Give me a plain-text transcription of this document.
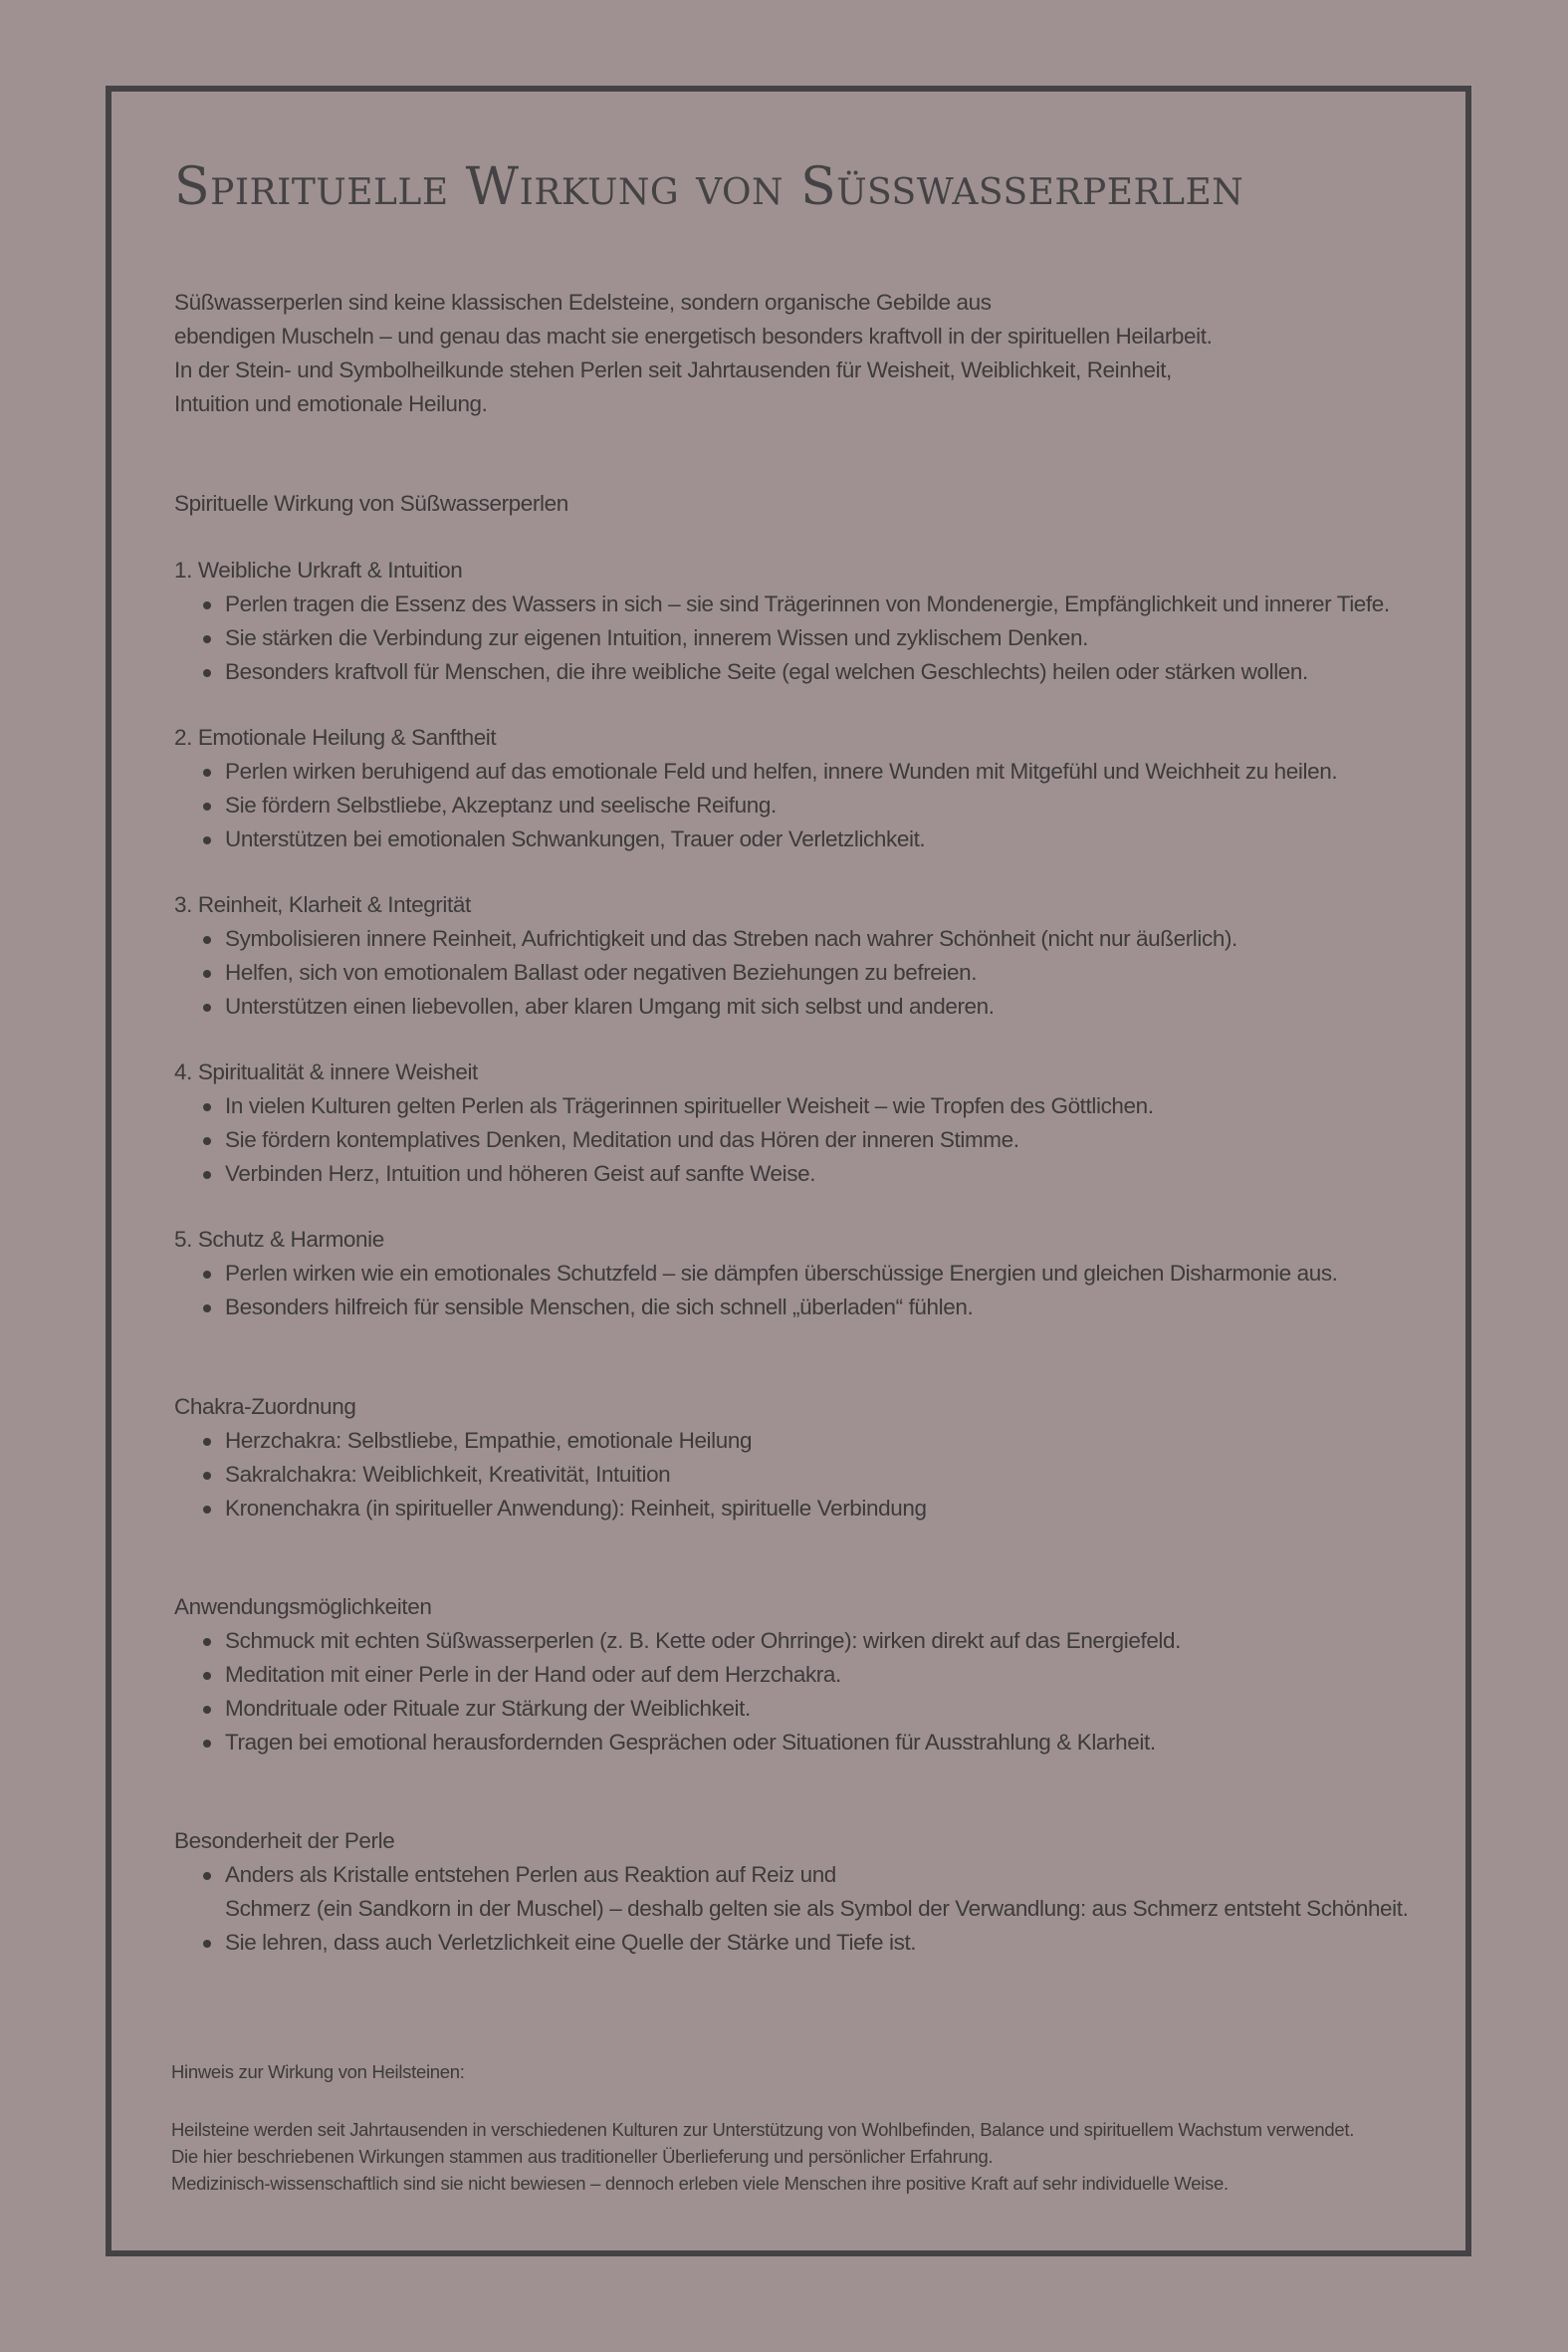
Spirituelle Wirkung von Süsswasserperlen
Süßwasserperlen sind keine klassischen Edelsteine, sondern organische Gebilde aus
ebendigen Muscheln – und genau das macht sie energetisch besonders kraftvoll in der spirituellen Heilarbeit.
In der Stein- und Symbolheilkunde stehen Perlen seit Jahrtausenden für Weisheit, Weiblichkeit, Reinheit,
Intuition und emotionale Heilung.
Spirituelle Wirkung von Süßwasserperlen
1. Weibliche Urkraft & Intuition
Perlen tragen die Essenz des Wassers in sich – sie sind Trägerinnen von Mondenergie, Empfänglichkeit und innerer Tiefe.
Sie stärken die Verbindung zur eigenen Intuition, innerem Wissen und zyklischem Denken.
Besonders kraftvoll für Menschen, die ihre weibliche Seite (egal welchen Geschlechts) heilen oder stärken wollen.
2. Emotionale Heilung & Sanftheit
Perlen wirken beruhigend auf das emotionale Feld und helfen, innere Wunden mit Mitgefühl und Weichheit zu heilen.
Sie fördern Selbstliebe, Akzeptanz und seelische Reifung.
Unterstützen bei emotionalen Schwankungen, Trauer oder Verletzlichkeit.
3. Reinheit, Klarheit & Integrität
Symbolisieren innere Reinheit, Aufrichtigkeit und das Streben nach wahrer Schönheit (nicht nur äußerlich).
Helfen, sich von emotionalem Ballast oder negativen Beziehungen zu befreien.
Unterstützen einen liebevollen, aber klaren Umgang mit sich selbst und anderen.
4. Spiritualität & innere Weisheit
In vielen Kulturen gelten Perlen als Trägerinnen spiritueller Weisheit – wie Tropfen des Göttlichen.
Sie fördern kontemplatives Denken, Meditation und das Hören der inneren Stimme.
Verbinden Herz, Intuition und höheren Geist auf sanfte Weise.
5. Schutz & Harmonie
Perlen wirken wie ein emotionales Schutzfeld – sie dämpfen überschüssige Energien und gleichen Disharmonie aus.
Besonders hilfreich für sensible Menschen, die sich schnell „überladen“ fühlen.
Chakra-Zuordnung
Herzchakra: Selbstliebe, Empathie, emotionale Heilung
Sakralchakra: Weiblichkeit, Kreativität, Intuition
Kronenchakra (in spiritueller Anwendung): Reinheit, spirituelle Verbindung
Anwendungsmöglichkeiten
Schmuck mit echten Süßwasserperlen (z. B. Kette oder Ohrringe): wirken direkt auf das Energiefeld.
Meditation mit einer Perle in der Hand oder auf dem Herzchakra.
Mondrituale oder Rituale zur Stärkung der Weiblichkeit.
Tragen bei emotional herausfordernden Gesprächen oder Situationen für Ausstrahlung & Klarheit.
Besonderheit der Perle
Anders als Kristalle entstehen Perlen aus Reaktion auf Reiz und
Schmerz (ein Sandkorn in der Muschel) – deshalb gelten sie als Symbol der Verwandlung: aus Schmerz entsteht Schönheit.
Sie lehren, dass auch Verletzlichkeit eine Quelle der Stärke und Tiefe ist.
Hinweis zur Wirkung von Heilsteinen:
Heilsteine werden seit Jahrtausenden in verschiedenen Kulturen zur Unterstützung von Wohlbefinden, Balance und spirituellem Wachstum verwendet.
Die hier beschriebenen Wirkungen stammen aus traditioneller Überlieferung und persönlicher Erfahrung.
Medizinisch-wissenschaftlich sind sie nicht bewiesen – dennoch erleben viele Menschen ihre positive Kraft auf sehr individuelle Weise.
